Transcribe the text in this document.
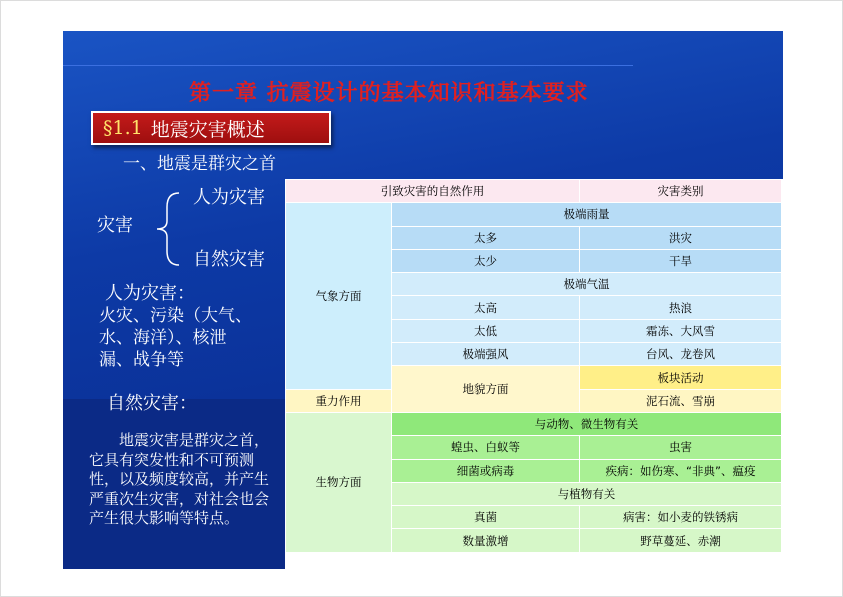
第一章 抗震设计的基本知识和基本要求
§1.1 地震灾害概述
一、地震是群灾之首
灾害
人为灾害
自然灾害
人为灾害：
火灾、污染（大气、
水、海洋）、核泄
漏、战争等
自然灾害：
地震灾害是群灾之首，它具有突发性和不可预测性，以及频度较高，并产生严重次生灾害，对社会也会产生很大影响等特点。
引致灾害的自然作用		灾害类别	
气象方面	极端雨量		
	太多	洪灾	
	太少	干旱	
	极端气温		
	太高	热浪	
	太低	霜冻、大风雪	
	极端强风	台风、龙卷风	
	地貌方面	板块活动	
重力作用		泥石流、雪崩	
生物方面	与动物、微生物有关		
	蝗虫、白蚁等	虫害	
	细菌或病毒	疾病：如伤寒、“非典”、瘟疫	
	与植物有关		
	真菌	病害：如小麦的铁锈病	
	数量激增	野草蔓延、赤潮	
